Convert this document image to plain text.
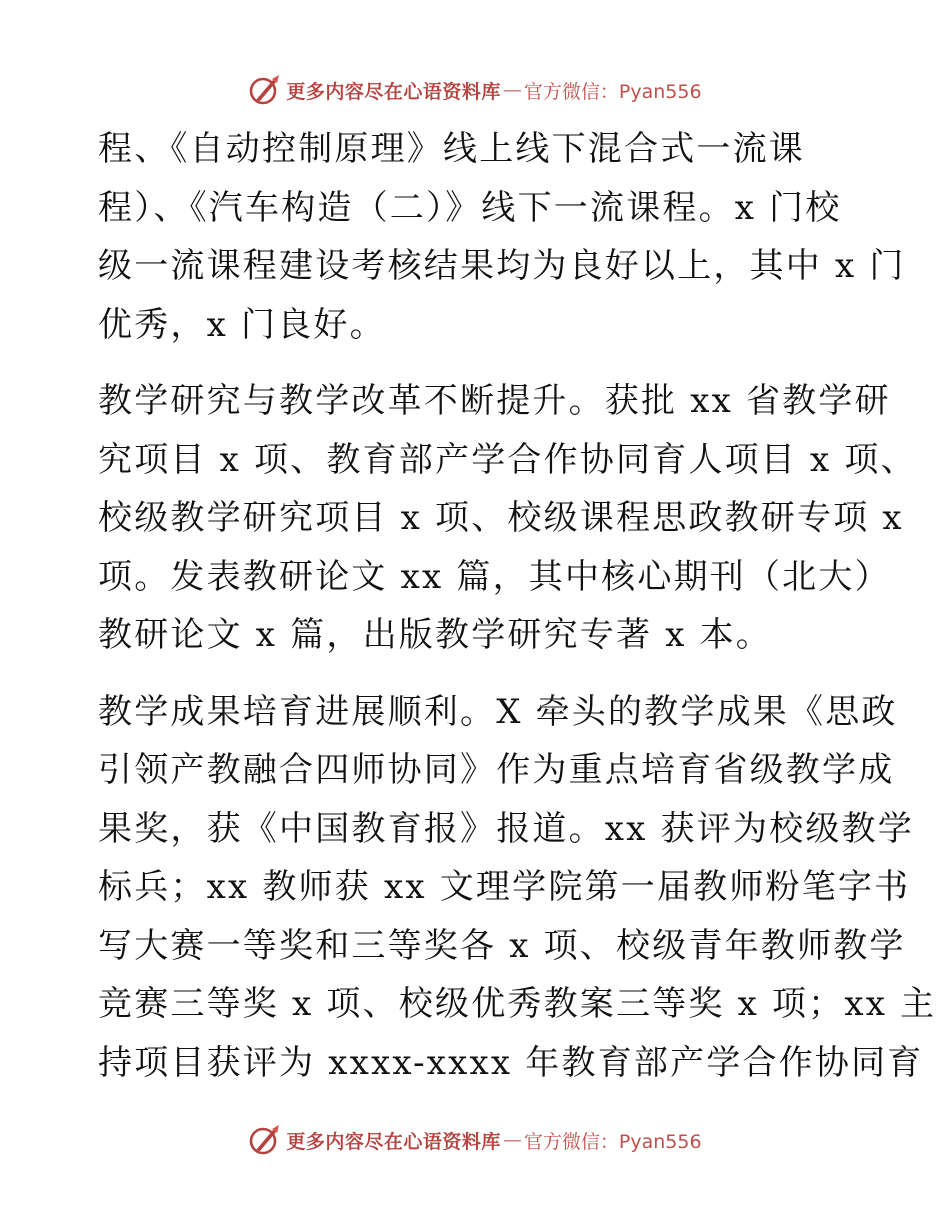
更多内容尽在心语资料库 — 官方微信：Pyan556
程、《自动控制原理》线上线下混合式一流课
程）、《汽车构造（二）》线下一流课程。x 门校
级一流课程建设考核结果均为良好以上，其中 x 门
优秀，x 门良好。
教学研究与教学改革不断提升。获批 xx 省教学研
究项目 x 项、教育部产学合作协同育人项目 x 项、
校级教学研究项目 x 项、校级课程思政教研专项 x
项。发表教研论文 xx 篇，其中核心期刊（北大）
教研论文 x 篇，出版教学研究专著 x 本。
教学成果培育进展顺利。X 牵头的教学成果《思政
引领产教融合四师协同》作为重点培育省级教学成
果奖，获《中国教育报》报道。xx 获评为校级教学
标兵；xx 教师获 xx 文理学院第一届教师粉笔字书
写大赛一等奖和三等奖各 x 项、校级青年教师教学
竞赛三等奖 x 项、校级优秀教案三等奖 x 项；xx 主
持项目获评为 xxxx-xxxx 年教育部产学合作协同育
更多内容尽在心语资料库 — 官方微信：Pyan556
